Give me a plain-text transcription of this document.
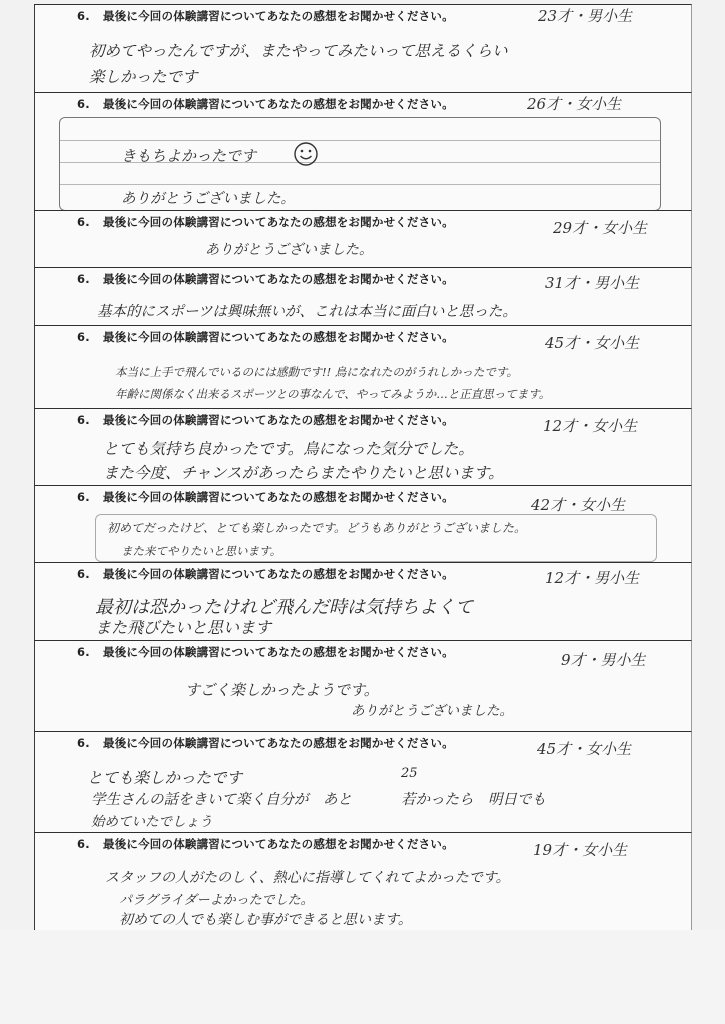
6. 最後に今回の体験講習についてあなたの感想をお聞かせください。	23才・男小生
初めてやったんですが、またやってみたいって思えるくらい
楽しかったです
6. 最後に今回の体験講習についてあなたの感想をお聞かせください。	26才・女小生
きもちよかったです
ありがとうございました。
6. 最後に今回の体験講習についてあなたの感想をお聞かせください。	29才・女小生
ありがとうございました。
6. 最後に今回の体験講習についてあなたの感想をお聞かせください。	31才・男小生
基本的にスポーツは興味無いが、これは本当に面白いと思った。
6. 最後に今回の体験講習についてあなたの感想をお聞かせください。	45才・女小生
本当に上手で飛んでいるのには感動です!! 鳥になれたのがうれしかったです。
年齢に関係なく出来るスポーツとの事なんで、やってみようか…と正直思ってます。
6. 最後に今回の体験講習についてあなたの感想をお聞かせください。	12才・女小生
とても気持ち良かったです。鳥になった気分でした。
また今度、チャンスがあったらまたやりたいと思います。
6. 最後に今回の体験講習についてあなたの感想をお聞かせください。	42才・女小生
初めてだったけど、とても楽しかったです。どうもありがとうございました。
また来てやりたいと思います。
6. 最後に今回の体験講習についてあなたの感想をお聞かせください。	12才・男小生
最初は恐かったけれど飛んだ時は気持ちよくて
また飛びたいと思います
6. 最後に今回の体験講習についてあなたの感想をお聞かせください。	9才・男小生
すごく楽しかったようです。
ありがとうございました。
6. 最後に今回の体験講習についてあなたの感想をお聞かせください。	45才・女小生
とても楽しかったです	25
学生さんの話をきいて楽く自分が　あと	若かったら　明日でも
始めていたでしょう
6. 最後に今回の体験講習についてあなたの感想をお聞かせください。	19才・女小生
スタッフの人がたのしく、熱心に指導してくれてよかったです。
パラグライダーよかったでした。
初めての人でも楽しむ事ができると思います。
